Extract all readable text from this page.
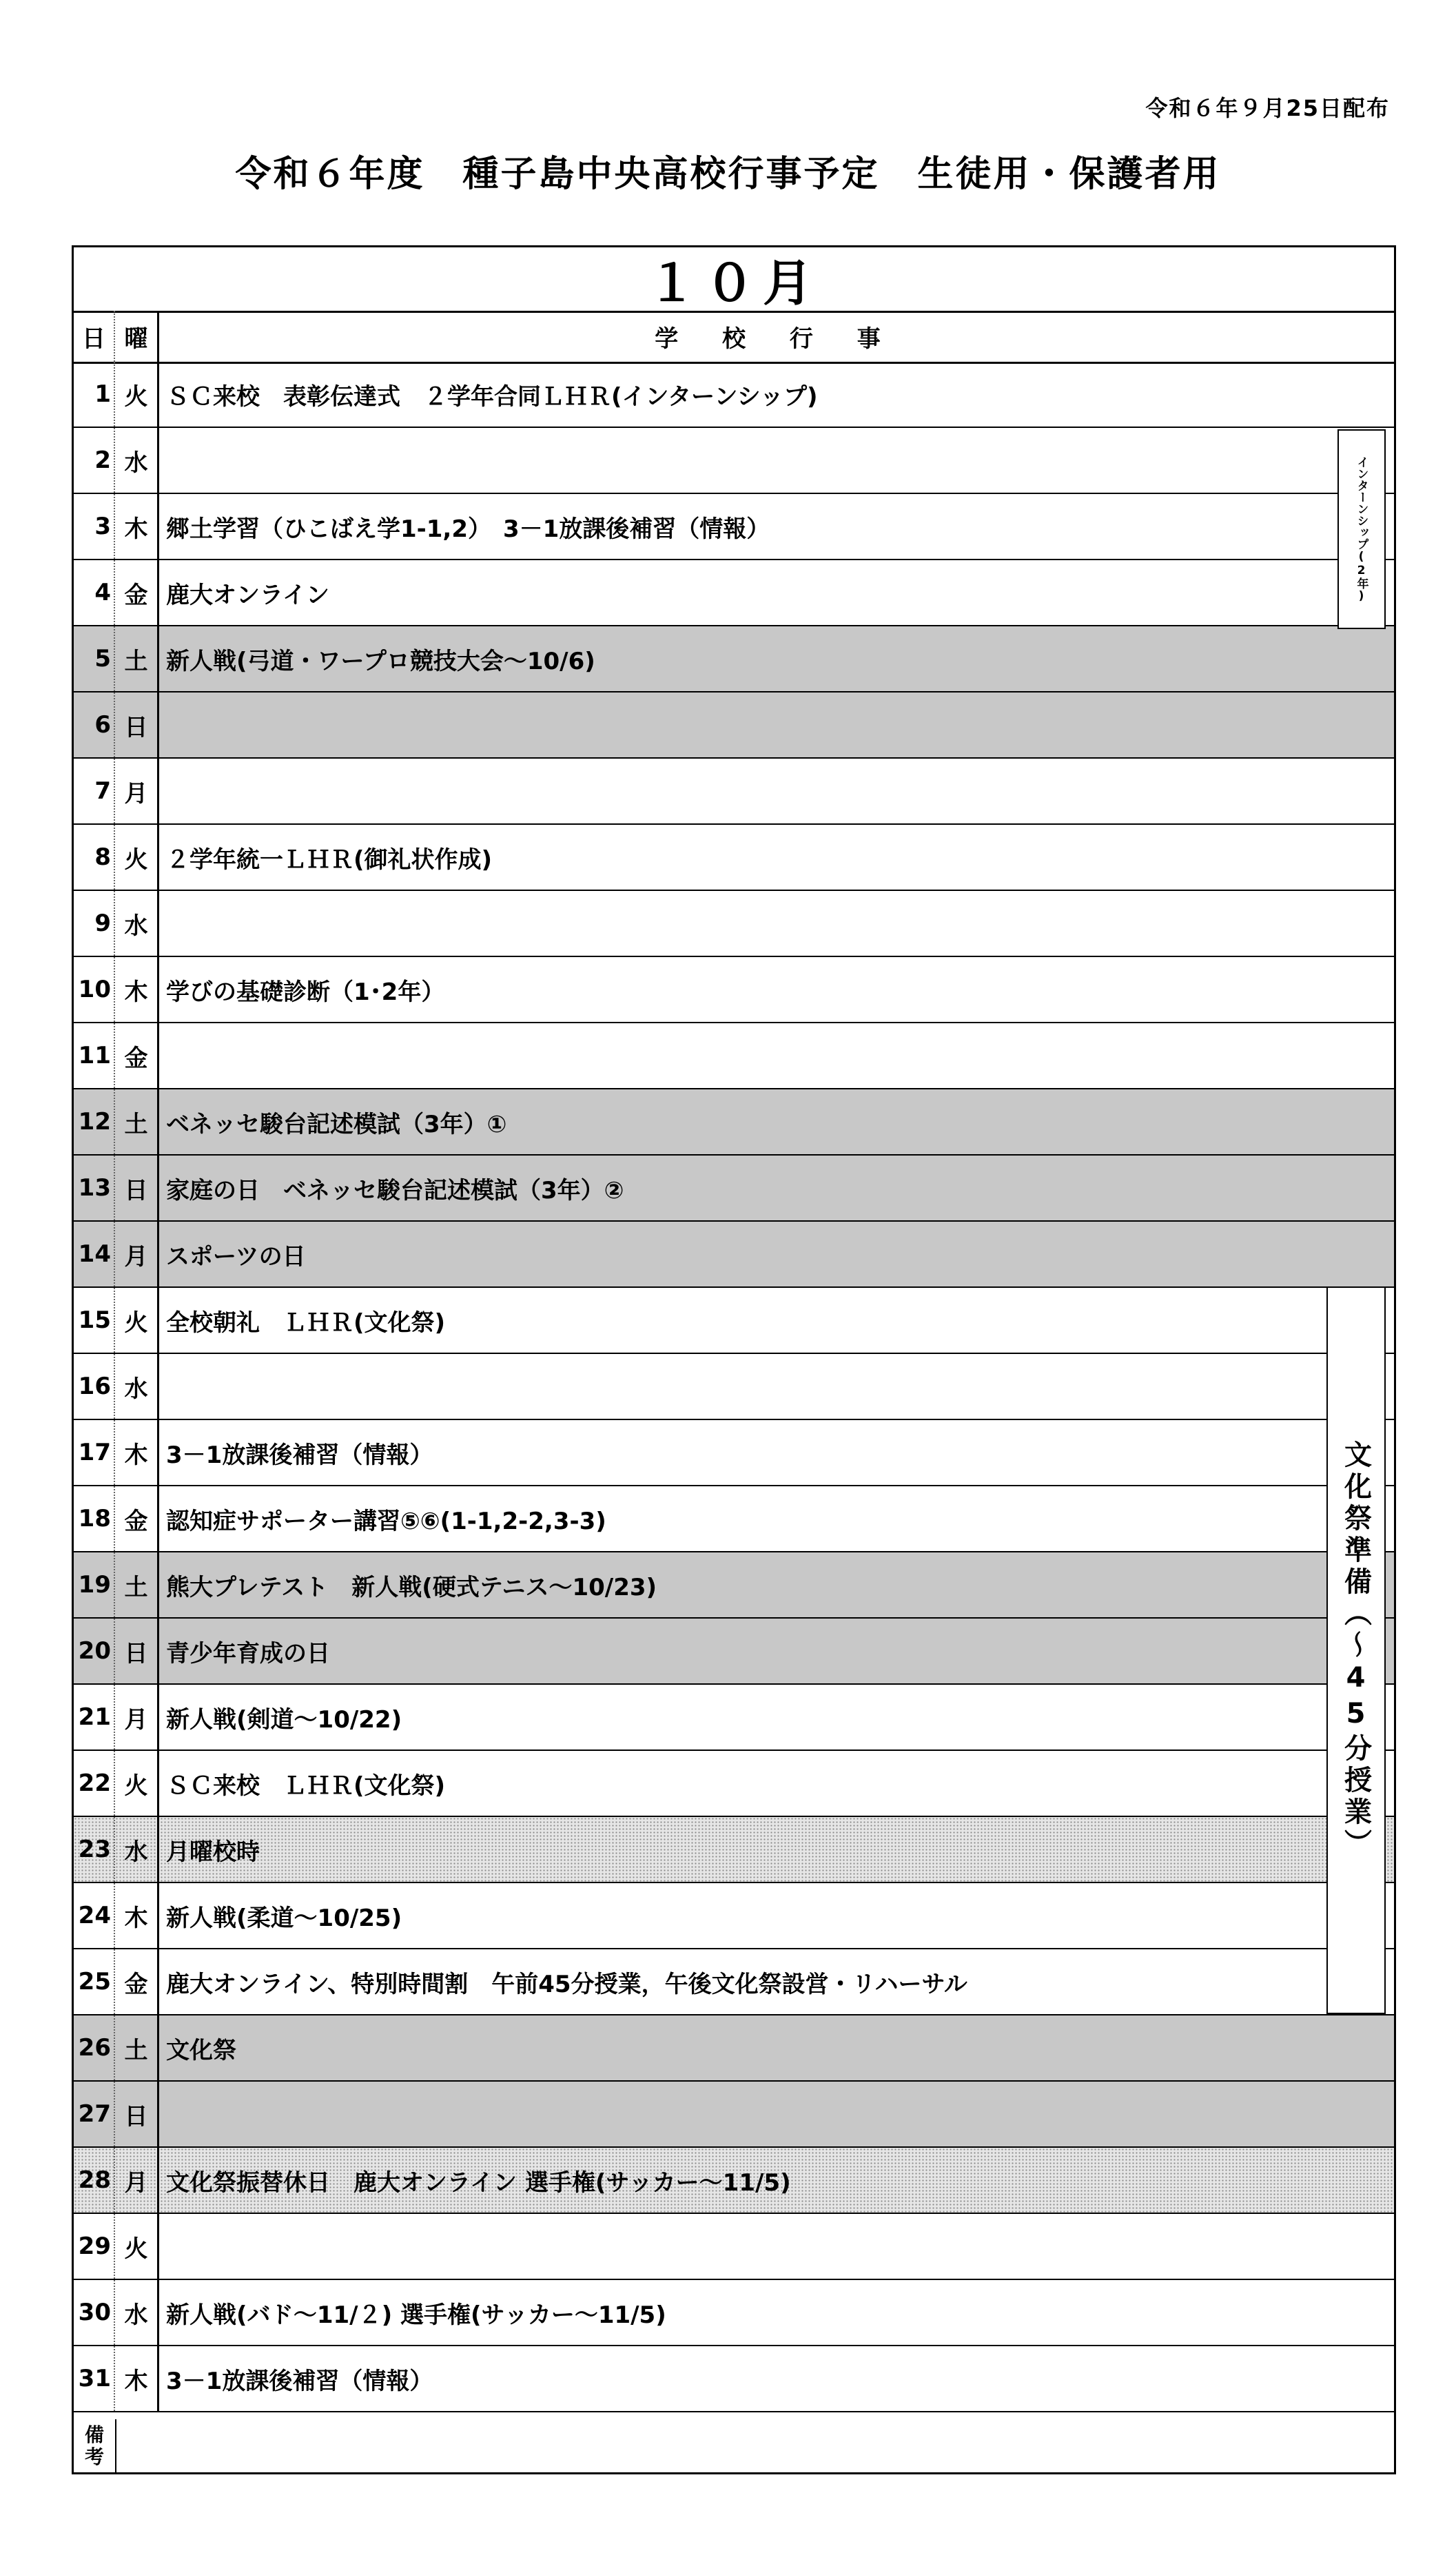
令和６年９月25日配布
令和６年度　種子島中央高校行事予定　生徒用・保護者用
１０月
日 曜	学 校 行 事
1 火 ＳＣ来校　表彰伝達式　２学年合同ＬＨＲ(インターンシップ)
2 水
3 木 郷土学習（ひこばえ学1-1,2）　3－1放課後補習（情報）
4 金 鹿大オンライン
5 土 新人戦(弓道・ワープロ競技大会～10/6)
6 日
7 月
8 火 ２学年統一ＬＨＲ(御礼状作成)
9 水
10 木 学びの基礎診断（1･2年）
11 金
12 土 ベネッセ駿台記述模試（3年）①
13 日 家庭の日　ベネッセ駿台記述模試（3年）②
14 月 スポーツの日
15 火 全校朝礼　ＬＨＲ(文化祭)
16 水
17 木 3－1放課後補習（情報）
18 金 認知症サポーター講習⑤⑥(1-1,2-2,3-3)
19 土 熊大プレテスト　新人戦(硬式テニス～10/23)
20 日 青少年育成の日
21 月 新人戦(剣道～10/22)
22 火 ＳＣ来校　ＬＨＲ(文化祭)
23 水 月曜校時
24 木 新人戦(柔道～10/25)
25 金 鹿大オンライン、特別時間割　午前45分授業，午後文化祭設営・リハーサル
26 土 文化祭
27 日
28 月 文化祭振替休日　鹿大オンライン 選手権(サッカー～11/5)
29 火
30 水 新人戦(バド～11/２) 選手権(サッカー～11/5)
31 木 3－1放課後補習（情報）
備
考
インターンシップ(2年)
文化祭準備（～45分授業）
